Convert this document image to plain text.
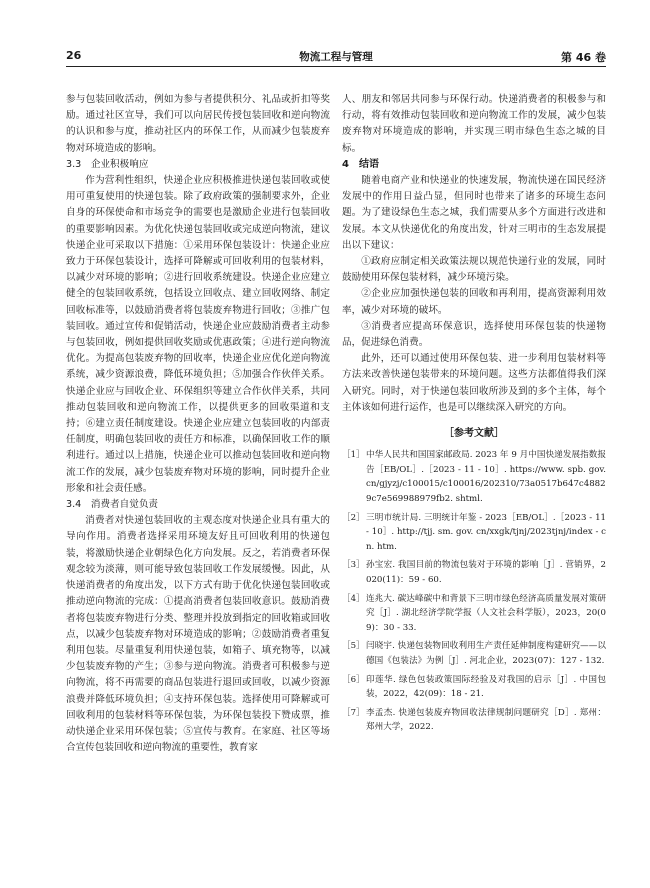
26	物流工程与管理	第 46 卷

参与包装回收活动，例如为参与者提供积分、礼品或折扣等奖励。通过社区宣导，我们可以向居民传授包装回收和逆向物流的认识和参与度，推动社区内的环保工作，从而减少包装废弃物对环境造成的影响。

3.3　企业积极响应

作为营利性组织，快递企业应积极推进快递包装回收或使用可重复使用的快递包装。除了政府政策的强制要求外，企业自身的环保使命和市场竞争的需要也是激励企业进行包装回收的重要影响因素。为优化快递包装回收或完成逆向物流，建议快递企业可采取以下措施：①采用环保包装设计：快递企业应致力于环保包装设计，选择可降解或可回收利用的包装材料，以减少对环境的影响；②进行回收系统建设。快递企业应建立健全的包装回收系统，包括设立回收点、建立回收网络、制定回收标准等，以鼓励消费者将包装废弃物进行回收；③推广包装回收。通过宣传和促销活动，快递企业应鼓励消费者主动参与包装回收，例如提供回收奖励或优惠政策；④进行逆向物流优化。为提高包装废弃物的回收率，快递企业应优化逆向物流系统，减少资源浪费，降低环境负担；⑤加强合作伙伴关系。快递企业应与回收企业、环保组织等建立合作伙伴关系，共同推动包装回收和逆向物流工作，以提供更多的回收渠道和支持；⑥建立责任制度建设。快递企业应建立包装回收的内部责任制度，明确包装回收的责任方和标准，以确保回收工作的顺利进行。通过以上措施，快递企业可以推动包装回收和逆向物流工作的发展，减少包装废弃物对环境的影响，同时提升企业形象和社会责任感。

3.4　消费者自觉负责

消费者对快递包装回收的主观态度对快递企业具有重大的导向作用。消费者选择采用环境友好且可回收利用的快递包装，将激励快递企业朝绿色化方向发展。反之，若消费者环保观念较为淡薄，则可能导致包装回收工作发展缓慢。因此，从快递消费者的角度出发，以下方式有助于优化快递包装回收或推动逆向物流的完成：①提高消费者包装回收意识。鼓励消费者将包装废弃物进行分类、整理并投放到指定的回收箱或回收点，以减少包装废弃物对环境造成的影响；②鼓励消费者重复利用包装。尽量重复利用快递包装，如箱子、填充物等，以减少包装废弃物的产生；③参与逆向物流。消费者可积极参与逆向物流，将不再需要的商品包装进行退回或回收，以减少资源浪费并降低环境负担；④支持环保包装。选择使用可降解或可回收利用的包装材料等环保包装，为环保包装投下赞成票，推动快递企业采用环保包装；⑤宣传与教育。在家庭、社区等场合宣传包装回收和逆向物流的重要性，教育家

人、朋友和邻居共同参与环保行动。快递消费者的积极参与和行动，将有效推动包装回收和逆向物流工作的发展，减少包装废弃物对环境造成的影响，并实现三明市绿色生态之城的目标。

4　结语

随着电商产业和快递业的快速发展，物流快递在国民经济发展中的作用日益凸显，但同时也带来了诸多的环境生态问题。为了建设绿色生态之城，我们需要从多个方面进行改进和发展。本文从快递优化的角度出发，针对三明市的生态发展提出以下建议：

①政府应制定相关政策法规以规范快递行业的发展，同时鼓励使用环保包装材料，减少环境污染。

②企业应加强快递包装的回收和再利用，提高资源利用效率，减少对环境的破坏。

③消费者应提高环保意识，选择使用环保包装的快递物品，促进绿色消费。

此外，还可以通过使用环保包装、进一步利用包装材料等方法来改善快递包装带来的环境问题。这些方法都值得我们深入研究。同时，对于快递包装回收所涉及到的多个主体，每个主体该如何进行运作，也是可以继续深入研究的方向。

［参考文献］
［1］ 中华人民共和国国家邮政局. 2023 年 9 月中国快递发展指数报告［EB/OL］.［2023 - 11 - 10］. https://www. spb. gov. cn/gjyzj/c100015/c100016/202310/73a0517b647c48829c7e569988979fb2. shtml.
［2］ 三明市统计局. 三明统计年鉴 - 2023［EB/OL］.［2023 - 11 - 10］. http://tjj. sm. gov. cn/xxgk/tjnj/2023tjnj/index - cn. htm.
［3］ 孙宝宏. 我国目前的物流包装对于环境的影响［J］. 营销界，2020(11)：59 - 60.
［4］ 连兆大. 碳达峰碳中和背景下三明市绿色经济高质量发展对策研究［J］. 湖北经济学院学报（人文社会科学版），2023，20(09)：30 - 33.
［5］ 闫晓宇. 快递包装物回收利用生产责任延伸制度构建研究——以德国《包装法》为例［J］. 河北企业，2023(07)：127 - 132.
［6］ 印莲华. 绿色包装政策国际经验及对我国的启示［J］. 中国包装，2022，42(09)：18 - 21.
［7］ 李孟杰. 快递包装废弃物回收法律规制问题研究［D］. 郑州：郑州大学，2022.
